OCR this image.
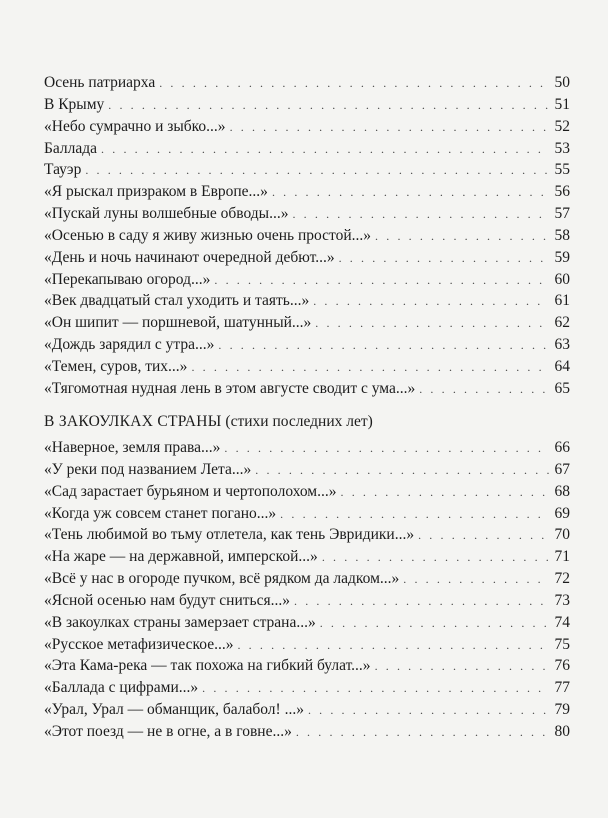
Осень патриарха . . .	50
В Крыму . . .	51
«Небо сумрачно и зыбко...» . . .	52
Баллада . . .	53
Тауэр . . .	55
«Я рыскал призраком в Европе...» . . .	56
«Пускай луны волшебные обводы...» . . .	57
«Осенью в саду я живу жизнью очень простой...» . . .	58
«День и ночь начинают очередной дебют...» . . .	59
«Перекапываю огород...» . . .	60
«Век двадцатый стал уходить и таять...» . . .	61
«Он шипит — поршневой, шатунный...» . . .	62
«Дождь зарядил с утра...» . . .	63
«Темен, суров, тих...» . . .	64
«Тягомотная нудная лень в этом августе сводит с ума...» . . .	65
В ЗАКОУЛКАХ СТРАНЫ (стихи последних лет)
«Наверное, земля права...» . . .	66
«У реки под названием Лета...» . . .	67
«Сад зарастает бурьяном и чертополохом...» . . .	68
«Когда уж совсем станет погано...» . . .	69
«Тень любимой во тьму отлетела, как тень Эвридики...» . . .	70
«На жаре — на державной, имперской...» . . .	71
«Всё у нас в огороде пучком, всё рядком да ладком...» . . .	72
«Ясной осенью нам будут сниться...» . . .	73
«В закоулках страны замерзает страна...» . . .	74
«Русское метафизическое...» . . .	75
«Эта Кама-река — так похожа на гибкий булат...» . . .	76
«Баллада с цифрами...» . . .	77
«Урал, Урал — обманщик, балабол! ...» . . .	79
«Этот поезд — не в огне, а в говне...» . . .	80
